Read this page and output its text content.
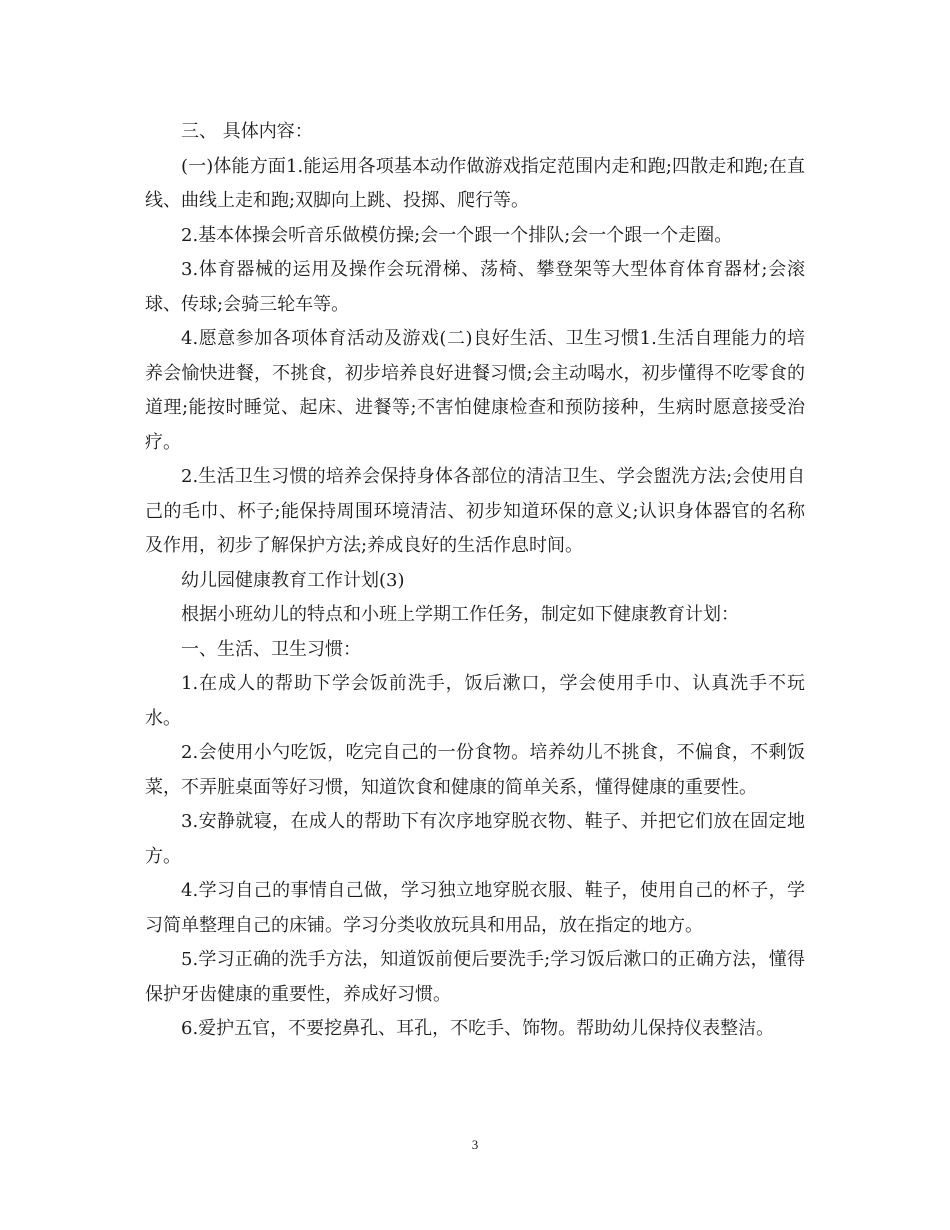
三、 具体内容：

(一)体能方面1.能运用各项基本动作做游戏指定范围内走和跑;四散走和跑;在直线、曲线上走和跑;双脚向上跳、投掷、爬行等。

2.基本体操会听音乐做模仿操;会一个跟一个排队;会一个跟一个走圈。

3.体育器械的运用及操作会玩滑梯、荡椅、攀登架等大型体育体育器材;会滚球、传球;会骑三轮车等。

4.愿意参加各项体育活动及游戏(二)良好生活、卫生习惯1.生活自理能力的培养会愉快进餐，不挑食，初步培养良好进餐习惯;会主动喝水，初步懂得不吃零食的道理;能按时睡觉、起床、进餐等;不害怕健康检查和预防接种，生病时愿意接受治疗。

2.生活卫生习惯的培养会保持身体各部位的清洁卫生、学会盥洗方法;会使用自己的毛巾、杯子;能保持周围环境清洁、初步知道环保的意义;认识身体器官的名称及作用，初步了解保护方法;养成良好的生活作息时间。

幼儿园健康教育工作计划(3)

根据小班幼儿的特点和小班上学期工作任务，制定如下健康教育计划：

一、生活、卫生习惯：

1.在成人的帮助下学会饭前洗手，饭后漱口，学会使用手巾、认真洗手不玩水。

2.会使用小勺吃饭，吃完自己的一份食物。培养幼儿不挑食，不偏食，不剩饭菜，不弄脏桌面等好习惯，知道饮食和健康的简单关系，懂得健康的重要性。

3.安静就寝，在成人的帮助下有次序地穿脱衣物、鞋子、并把它们放在固定地方。

4.学习自己的事情自己做，学习独立地穿脱衣服、鞋子，使用自己的杯子，学习简单整理自己的床铺。学习分类收放玩具和用品，放在指定的地方。

5.学习正确的洗手方法，知道饭前便后要洗手;学习饭后漱口的正确方法，懂得保护牙齿健康的重要性，养成好习惯。

6.爱护五官，不要挖鼻孔、耳孔，不吃手、饰物。帮助幼儿保持仪表整洁。

3
